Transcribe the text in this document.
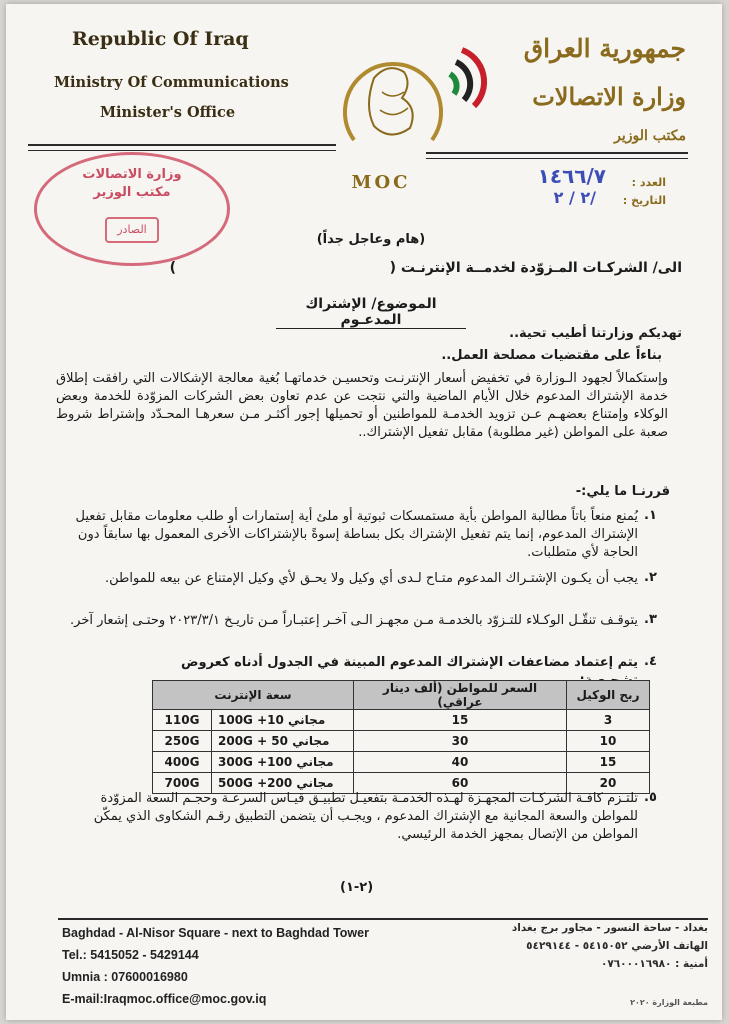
Republic Of Iraq
Ministry Of Communications
Minister's Office
جمهورية العراق
وزارة الاتصالات
مكتب الوزير
MOC
وزارة الاتصالات
مكتب الوزير
الصادر
العدد :
١٤٦٦/٧
التاريخ :
/٢ / ٢
(هام وعاجل جداً)
الى/ الشركـات المـزوّدة لخدمــة الإنترنـت (
)
الموضوع/ الإشتراك المدعـوم
تهديكم وزارتنا أطيب تحية..
بناءاً على مقتضيات مصلحة العمل..
وإستكمالاً لجهود الـوزارة في تخفيض أسعار الإنترنـت وتحسيـن خدماتهـا بُغية معالجة الإشكالات التي رافقت إطلاق خدمة الإشتراك المدعوم خلال الأيام الماضية والتي نتجت عن عدم تعاون بعض الشركات المزوّدة للخدمة وبعض الوكلاء وإمتناع بعضهـم عـن تزويد الخدمـة للمواطنين أو تحميلها إجور أكثـر مـن سعرهـا المحـدّد وإشتراط شروط صعبة على المواطن (غير مطلوبة) مقابل تفعيل الإشتراك..
قررنـا ما يلي:-
.١
يُمنع منعاً باتاً مطالبة المواطن بأية مستمسكات ثبوتية أو ملئ أية إستمارات أو طلب معلومات مقابل تفعيل الإشتراك المدعوم، إنما يتم تفعيل الإشتراك بكل بساطة إسوةً بالإشتراكات الأخرى المعمول بها سابقاً دون الحاجة لأي متطلبات.
.٢
يجب أن يكـون الإشتـراك المدعوم متـاح لـدى أي وكيل ولا يحـق لأي وكيل الإمتناع عن بيعه للمواطن.
.٣
يتوقـف تنقّـل الوكـلاء للتـزوّد بالخدمـة مـن مجهـز الـى آخـر إعتبـاراً مـن تاريـخ ٢٠٢٣/٣/١ وحتـى إشعار آخر.
.٤
يتم إعتماد مضاعفات الإشتراك المدعوم المبينة في الجدول أدناه كعروض
ربح الوكيل	السعر للمواطن (ألف دينار عراقي)	سعة الإنترنت	
3	15	100G +10 مجاني	110G
10	30	200G + 50 مجاني	250G
15	40	300G +100 مجاني	400G
20	60	500G +200 مجاني	700G
.٥
تلتـزم كافـة الشركـات المجهـزة لهـذه الخدمـة بتفعيـل تطبيـق قيـاس السرعـة وحجـم السعة المزوّدة للمواطن والسعة المجانية مع الإشتراك المدعوم ، ويجـب أن يتضمن التطبيق رقـم الشكاوى الذي يمكّن المواطن من الإتصال بمجهز الخدمة الرئيسي.
(٢-١)
Baghdad - Al-Nisor Square - next to Baghdad Tower
Tel.: 5415052 - 5429144
Umnia : 07600016980
E-mail:Iraqmoc.office@moc.gov.iq
بغداد - ساحة النسور - مجاور برج بغداد
الهاتف الأرضي ٥٤١٥٠٥٢ - ٥٤٢٩١٤٤
أمنية : ٠٧٦٠٠٠١٦٩٨٠
مطبعة الوزارة ٢٠٢٠
